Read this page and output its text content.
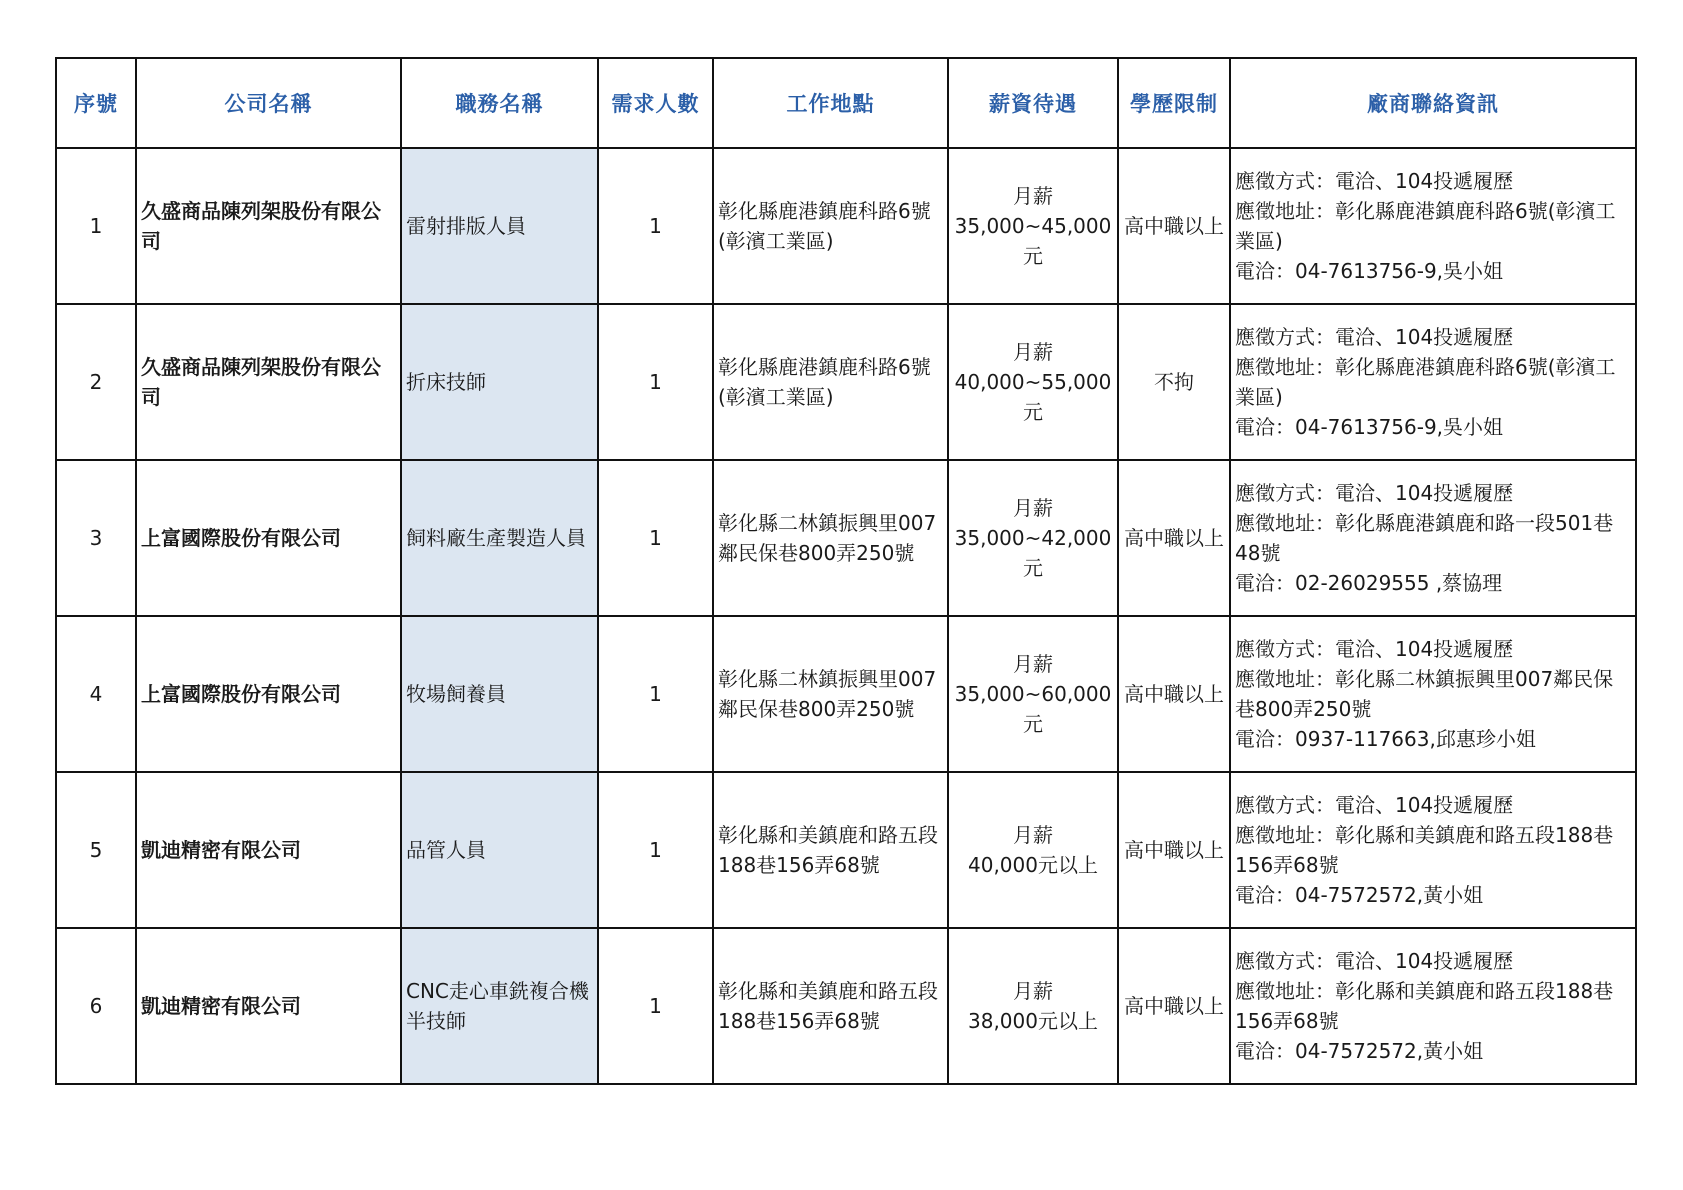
序號	公司名稱	職務名稱	需求人數	工作地點	薪資待遇	學歷限制	廠商聯絡資訊
1	久盛商品陳列架股份有限公司	雷射排版人員	1	彰化縣鹿港鎮鹿科路6號(彰濱工業區)	月薪
35,000~45,000
元	高中職以上	應徵方式：電洽、104投遞履歷
應徵地址：彰化縣鹿港鎮鹿科路6號(彰濱工業區)
電洽：04-7613756-9,吳小姐

2	久盛商品陳列架股份有限公司	折床技師	1	彰化縣鹿港鎮鹿科路6號(彰濱工業區)	月薪
40,000~55,000
元	不拘	應徵方式：電洽、104投遞履歷
應徵地址：彰化縣鹿港鎮鹿科路6號(彰濱工業區)
電洽：04-7613756-9,吳小姐

3	上富國際股份有限公司	飼料廠生產製造人員	1	彰化縣二林鎮振興里007鄰民保巷800弄250號	月薪
35,000~42,000
元	高中職以上	應徵方式：電洽、104投遞履歷
應徵地址：彰化縣鹿港鎮鹿和路一段501巷48號
電洽：02-26029555 ,蔡協理

4	上富國際股份有限公司	牧場飼養員	1	彰化縣二林鎮振興里007鄰民保巷800弄250號	月薪
35,000~60,000
元	高中職以上	應徵方式：電洽、104投遞履歷
應徵地址：彰化縣二林鎮振興里007鄰民保巷800弄250號
電洽：0937-117663,邱惠珍小姐

5	凱迪精密有限公司	品管人員	1	彰化縣和美鎮鹿和路五段188巷156弄68號	月薪
40,000元以上	高中職以上	應徵方式：電洽、104投遞履歷
應徵地址：彰化縣和美鎮鹿和路五段188巷156弄68號
電洽：04-7572572,黃小姐

6	凱迪精密有限公司	CNC走心車銑複合機半技師	1	彰化縣和美鎮鹿和路五段188巷156弄68號	月薪
38,000元以上	高中職以上	應徵方式：電洽、104投遞履歷
應徵地址：彰化縣和美鎮鹿和路五段188巷156弄68號
電洽：04-7572572,黃小姐
